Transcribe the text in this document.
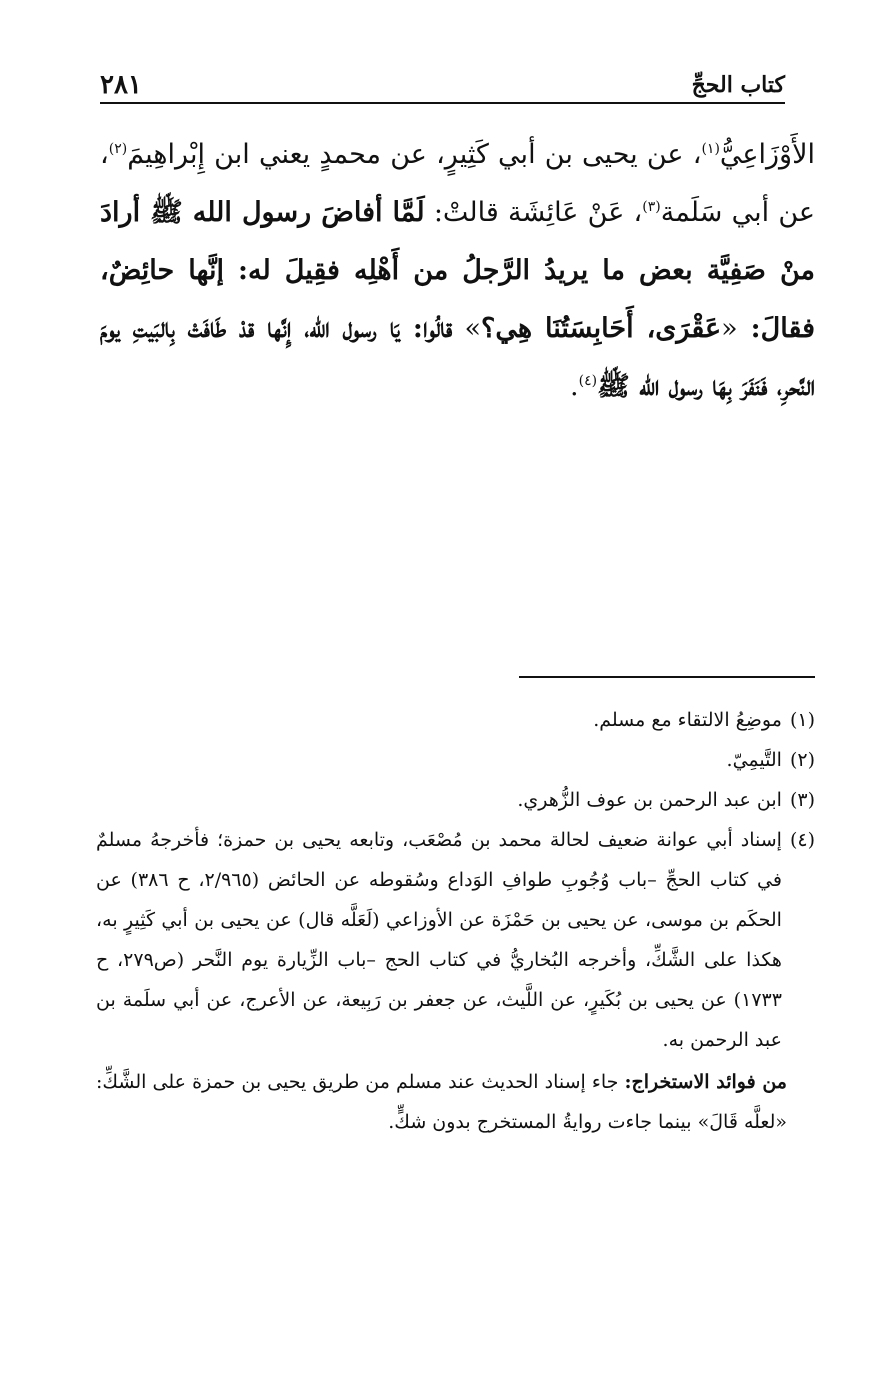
كتاب الحجِّ
٢٨١
الأَوْزَاعِيُّ$^{(١)}$، عن يحيى بن أبي كَثِيرٍ، عن محمدٍ يعني ابن إِبْراهِيمَ$^{(٢)}$، عن أبي سَلَمة$^{(٣)}$، عَنْ عَائِشَة قالتْ: لَمَّا أفاضَ رسول الله ﷺ أرادَ منْ صَفِيَّة بعض ما يريدُ الرَّجلُ من أَهْلِه فقِيلَ له: إنَّها حائِضٌ، فقالَ: «عَقْرَى، أَحَابِسَتُنَا هِي؟» قالُوا: يَا رسول الله، إِنَّها قدْ طَافَتْ بِالبَيتِ يومَ النَّحرِ، فَنَفَرَ بِهَا رسول الله ﷺ$^{(٤)}$.
(١)
موضِعُ الالتقاء مع مسلم.
(٢)
التَّيمِيّ.
(٣)
ابن عبد الرحمن بن عوف الزُّهري.
(٤)
إسناد أبي عوانة ضعيف لحالة محمد بن مُصْعَب، وتابعه يحيى بن حمزة؛ فأخرجهُ مسلمٌ في كتاب الحجِّ –باب وُجُوبِ طوافِ الوَداع وسُقوطه عن الحائض (٢/٩٦٥، ح ٣٨٦) عن الحكَم بن موسى، عن يحيى بن حَمْزَة عن الأوزاعي (لَعَلَّه قال) عن يحيى بن أبي كَثِيرٍ به، هكذا على الشَّكِّ، وأخرجه البُخاريُّ في كتاب الحج –باب الزِّيارة يوم النَّحر (ص٢٧٩، ح ١٧٣٣) عن يحيى بن بُكَيرٍ، عن اللَّيث، عن جعفر بن رَبِيعة، عن الأعرج، عن أبي سلَمة بن عبد الرحمن به.
من فوائد الاستخراج: جاء إسناد الحديث عند مسلم من طريق يحيى بن حمزة على الشَّكِّ: «لعلَّه قَالَ» بينما جاءت روايةُ المستخرج بدون شكٍّ.
